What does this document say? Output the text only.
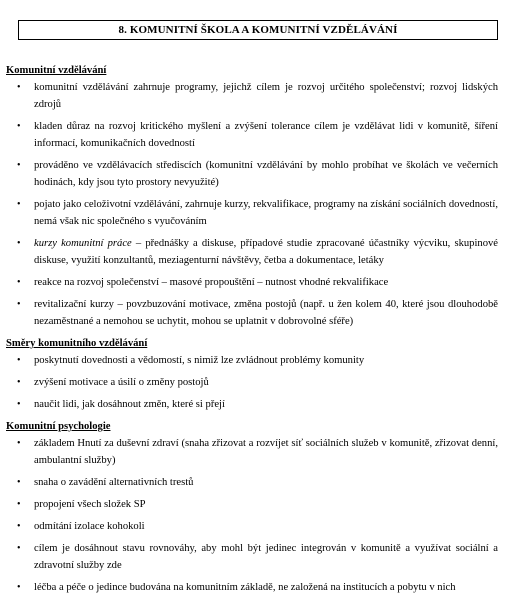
8. KOMUNITNÍ ŠKOLA A KOMUNITNÍ VZDĚLÁVÁNÍ

Komunitní vzdělávání

• komunitní vzdělávání zahrnuje programy, jejichž cílem je rozvoj určitého společenství; rozvoj lidských zdrojů
• kladen důraz na rozvoj kritického myšlení a zvýšení tolerance cílem je vzdělávat lidi v komunitě, šíření informací, komunikačních dovedností
• prováděno ve vzdělávacích střediscích (komunitní vzdělávání by mohlo probíhat ve školách ve večerních hodinách, kdy jsou tyto prostory nevyužité)
• pojato jako celoživotní vzdělávání, zahrnuje kurzy, rekvalifikace, programy na získání sociálních dovedností, nemá však nic společného s vyučováním
• kurzy komunitní práce – přednášky a diskuse, případové studie zpracované účastníky výcviku, skupinové diskuse, využití konzultantů, meziagenturní návštěvy, četba a dokumentace, letáky
• reakce na rozvoj společenství – masové propouštění – nutnost vhodné rekvalifikace
• revitalizační kurzy – povzbuzování motivace, změna postojů (např. u žen kolem 40, které jsou dlouhodobě nezaměstnané a nemohou se uchytit, mohou se uplatnit v dobrovolné sféře)

Směry komunitního vzdělávání

• poskytnutí dovednosti a vědomostí, s nimiž lze zvládnout problémy komunity
• zvýšení motivace a úsilí o změny postojů
• naučit lidi, jak dosáhnout změn, které si přejí

Komunitní psychologie

• základem Hnutí za duševní zdraví (snaha zřizovat a rozvíjet síť sociálních služeb v komunitě, zřizovat denní, ambulantní služby)
• snaha o zavádění alternativních trestů
• propojení všech složek SP
• odmítání izolace kohokoli
• cílem je dosáhnout stavu rovnováhy, aby mohl být jedinec integrován v komunitě a využívat sociální a zdravotní služby zde
• léčba a péče o jedince budována na komunitním základě, ne založená na institucích a pobytu v nich
